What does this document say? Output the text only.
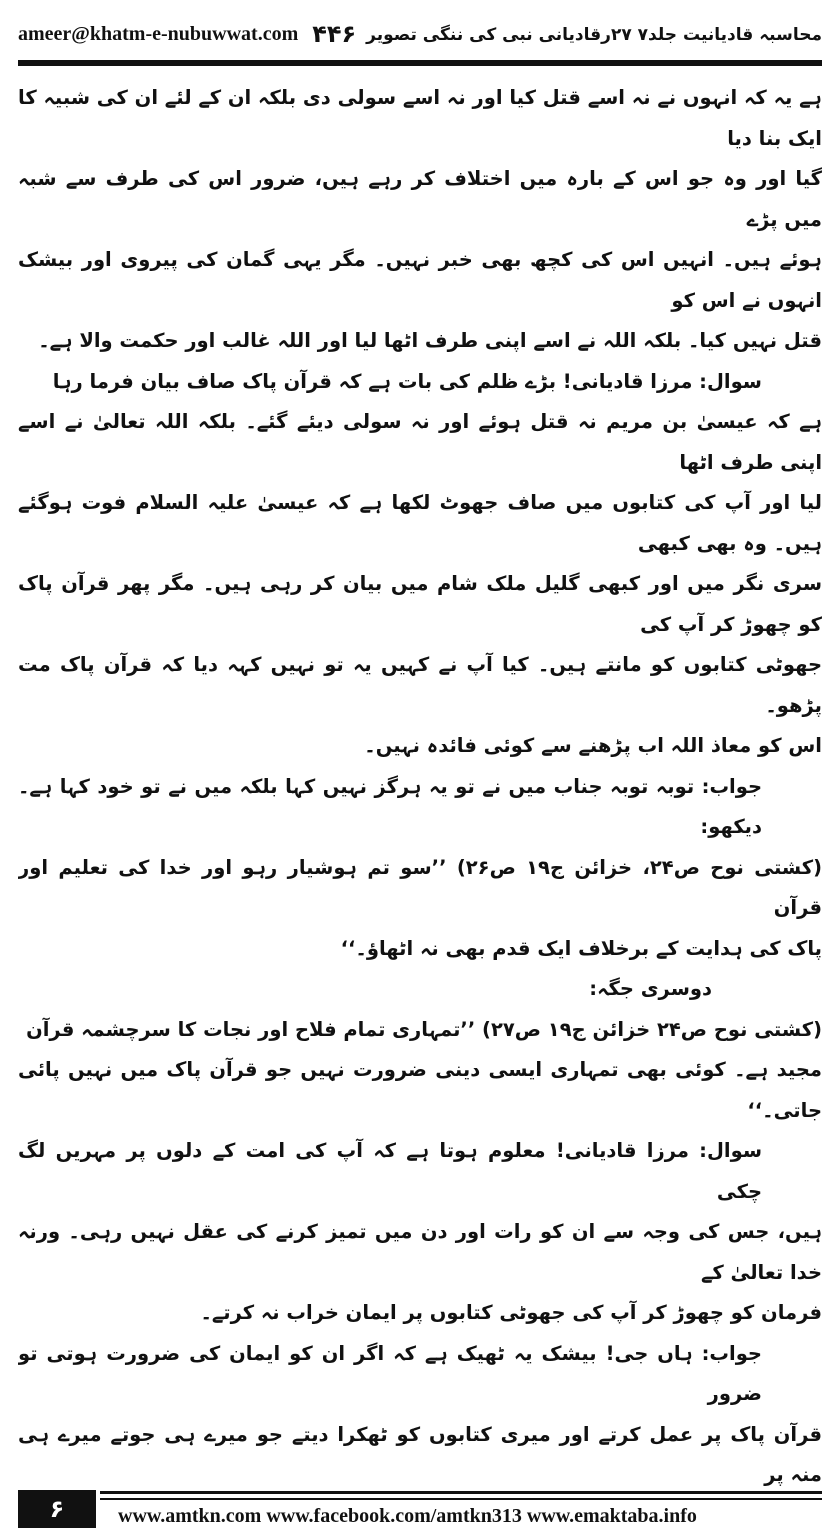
ameer@khatm-e-nubuwwat.com ۴۴۶ محاسبہ قادیانیت جلد۷ ۲۷رقادیانی نبی کی ننگی تصویر

ہے یہ کہ انہوں نے نہ اسے قتل کیا اور نہ اسے سولی دی بلکہ ان کے لئے ان کی شبیہ کا ایک بنا دیا

گیا اور وہ جو اس کے بارہ میں اختلاف کر رہے ہیں، ضرور اس کی طرف سے شبہ میں پڑے

ہوئے ہیں۔ انہیں اس کی کچھ بھی خبر نہیں۔ مگر یہی گمان کی پیروی اور بیشک انہوں نے اس کو

قتل نہیں کیا۔ بلکہ اللہ نے اسے اپنی طرف اٹھا لیا اور اللہ غالب اور حکمت والا ہے۔

سوال: مرزا قادیانی! بڑے ظلم کی بات ہے کہ قرآن پاک صاف بیان فرما رہا

ہے کہ عیسیٰ بن مریم نہ قتل ہوئے اور نہ سولی دیئے گئے۔ بلکہ اللہ تعالیٰ نے اسے اپنی طرف اٹھا

لیا اور آپ کی کتابوں میں صاف جھوٹ لکھا ہے کہ عیسیٰ علیہ السلام فوت ہوگئے ہیں۔ وہ بھی کبھی

سری نگر میں اور کبھی گلیل ملک شام میں بیان کر رہی ہیں۔ مگر پھر قرآن پاک کو چھوڑ کر آپ کی

جھوٹی کتابوں کو مانتے ہیں۔ کیا آپ نے کہیں یہ تو نہیں کہہ دیا کہ قرآن پاک مت پڑھو۔

اس کو معاذ اللہ اب پڑھنے سے کوئی فائدہ نہیں۔

جواب: توبہ توبہ جناب میں نے تو یہ ہرگز نہیں کہا بلکہ میں نے تو خود کہا ہے۔ دیکھو:

(کشتی نوح ص۲۴، خزائن ج۱۹ ص۲۶) ’’سو تم ہوشیار رہو اور خدا کی تعلیم اور قرآن

پاک کی ہدایت کے برخلاف ایک قدم بھی نہ اٹھاؤ۔‘‘

دوسری جگہ:

(کشتی نوح ص۲۴ خزائن ج۱۹ ص۲۷) ’’تمہاری تمام فلاح اور نجات کا سرچشمہ قرآن

مجید ہے۔ کوئی بھی تمہاری ایسی دینی ضرورت نہیں جو قرآن پاک میں نہیں پائی جاتی۔‘‘

سوال: مرزا قادیانی! معلوم ہوتا ہے کہ آپ کی امت کے دلوں پر مہریں لگ چکی

ہیں، جس کی وجہ سے ان کو رات اور دن میں تمیز کرنے کی عقل نہیں رہی۔ ورنہ خدا تعالیٰ کے

فرمان کو چھوڑ کر آپ کی جھوٹی کتابوں پر ایمان خراب نہ کرتے۔

جواب: ہاں جی! بیشک یہ ٹھیک ہے کہ اگر ان کو ایمان کی ضرورت ہوتی تو ضرور

قرآن پاک پر عمل کرتے اور میری کتابوں کو ٹھکرا دیتے جو میرے ہی جوتے میرے ہی منہ پر

۶	www.amtkn.com www.facebook.com/amtkn313 www.emaktaba.info
